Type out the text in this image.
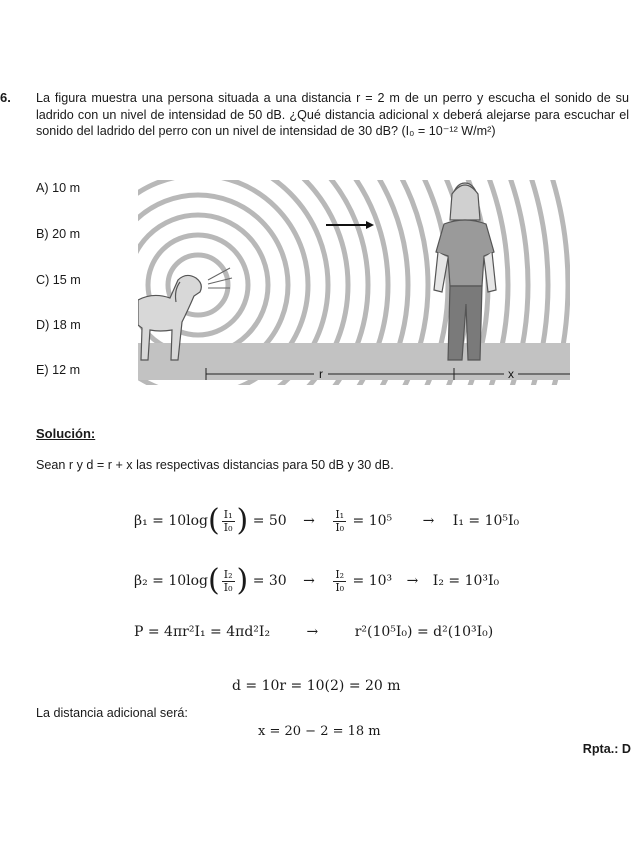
6. La figura muestra una persona situada a una distancia r = 2 m de un perro y escucha el sonido de su ladrido con un nivel de intensidad de 50 dB. ¿Qué distancia adicional x deberá alejarse para escuchar el sonido del ladrido del perro con un nivel de intensidad de 30 dB? (I₀ = 10⁻¹² W/m²)
A) 10 m
B) 20 m
C) 15 m
D) 18 m
E) 12 m	r	x
Solución:
Sean r y d = r + x las respectivas distancias para 50 dB y 30 dB.
$\beta_1 = 10\log( \frac{\text{I₁}}{\text{I₀}}$ ) = $50 \to \frac{\text{I₁}}{\text{I₀}} = 10^5 \to I_1 = 10^5I_0$
$\beta_2 = 10\log( \frac{\text{I₂}}{\text{I₀}}$ ) = $30 \to \frac{\text{I₂}}{\text{I₀}} = 10^3 \to I_2 = 10^3I_0$
P = 4πr²I₁ = 4πd²I₂	→	r²(10⁵I₀) = d²(10³I₀)
d = 10r = 10(2) = 20 m
La distancia adicional será:
x = 20 − 2 = 18 m
Rpta.: D
